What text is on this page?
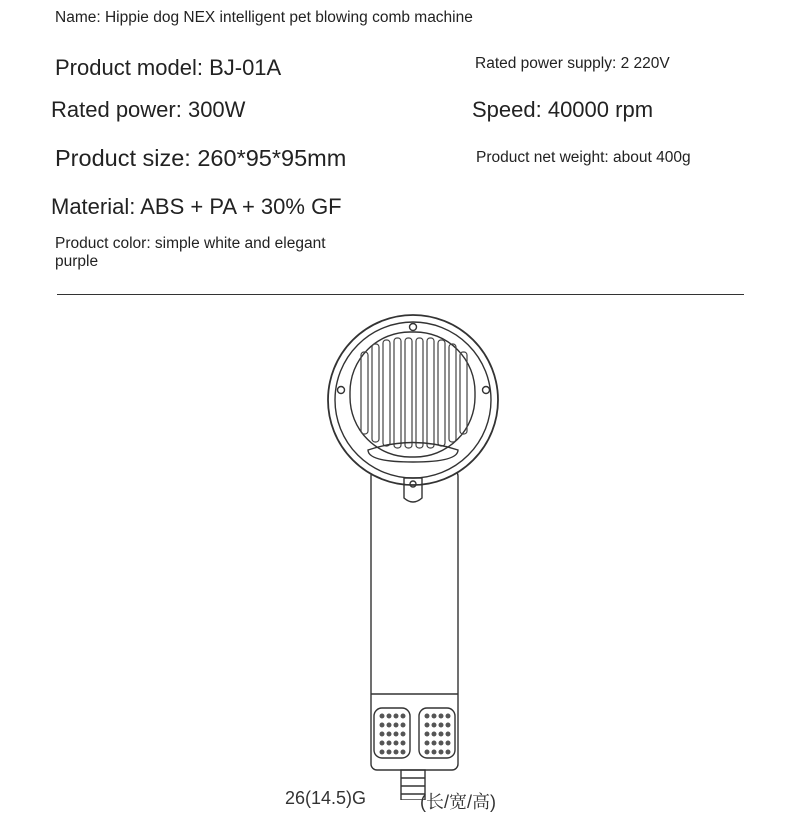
Name: Hippie dog NEX intelligent pet blowing comb machine
Product model: BJ-01A	Rated power supply: 2 220V
Rated power: 300W	Speed: 40000 rpm
Product size: 260*95*95mm	Product net weight: about 400g
Material: ABS + PA + 30% GF
Product color: simple white and elegant purple
26(14.5)G	(长/宽/高)
